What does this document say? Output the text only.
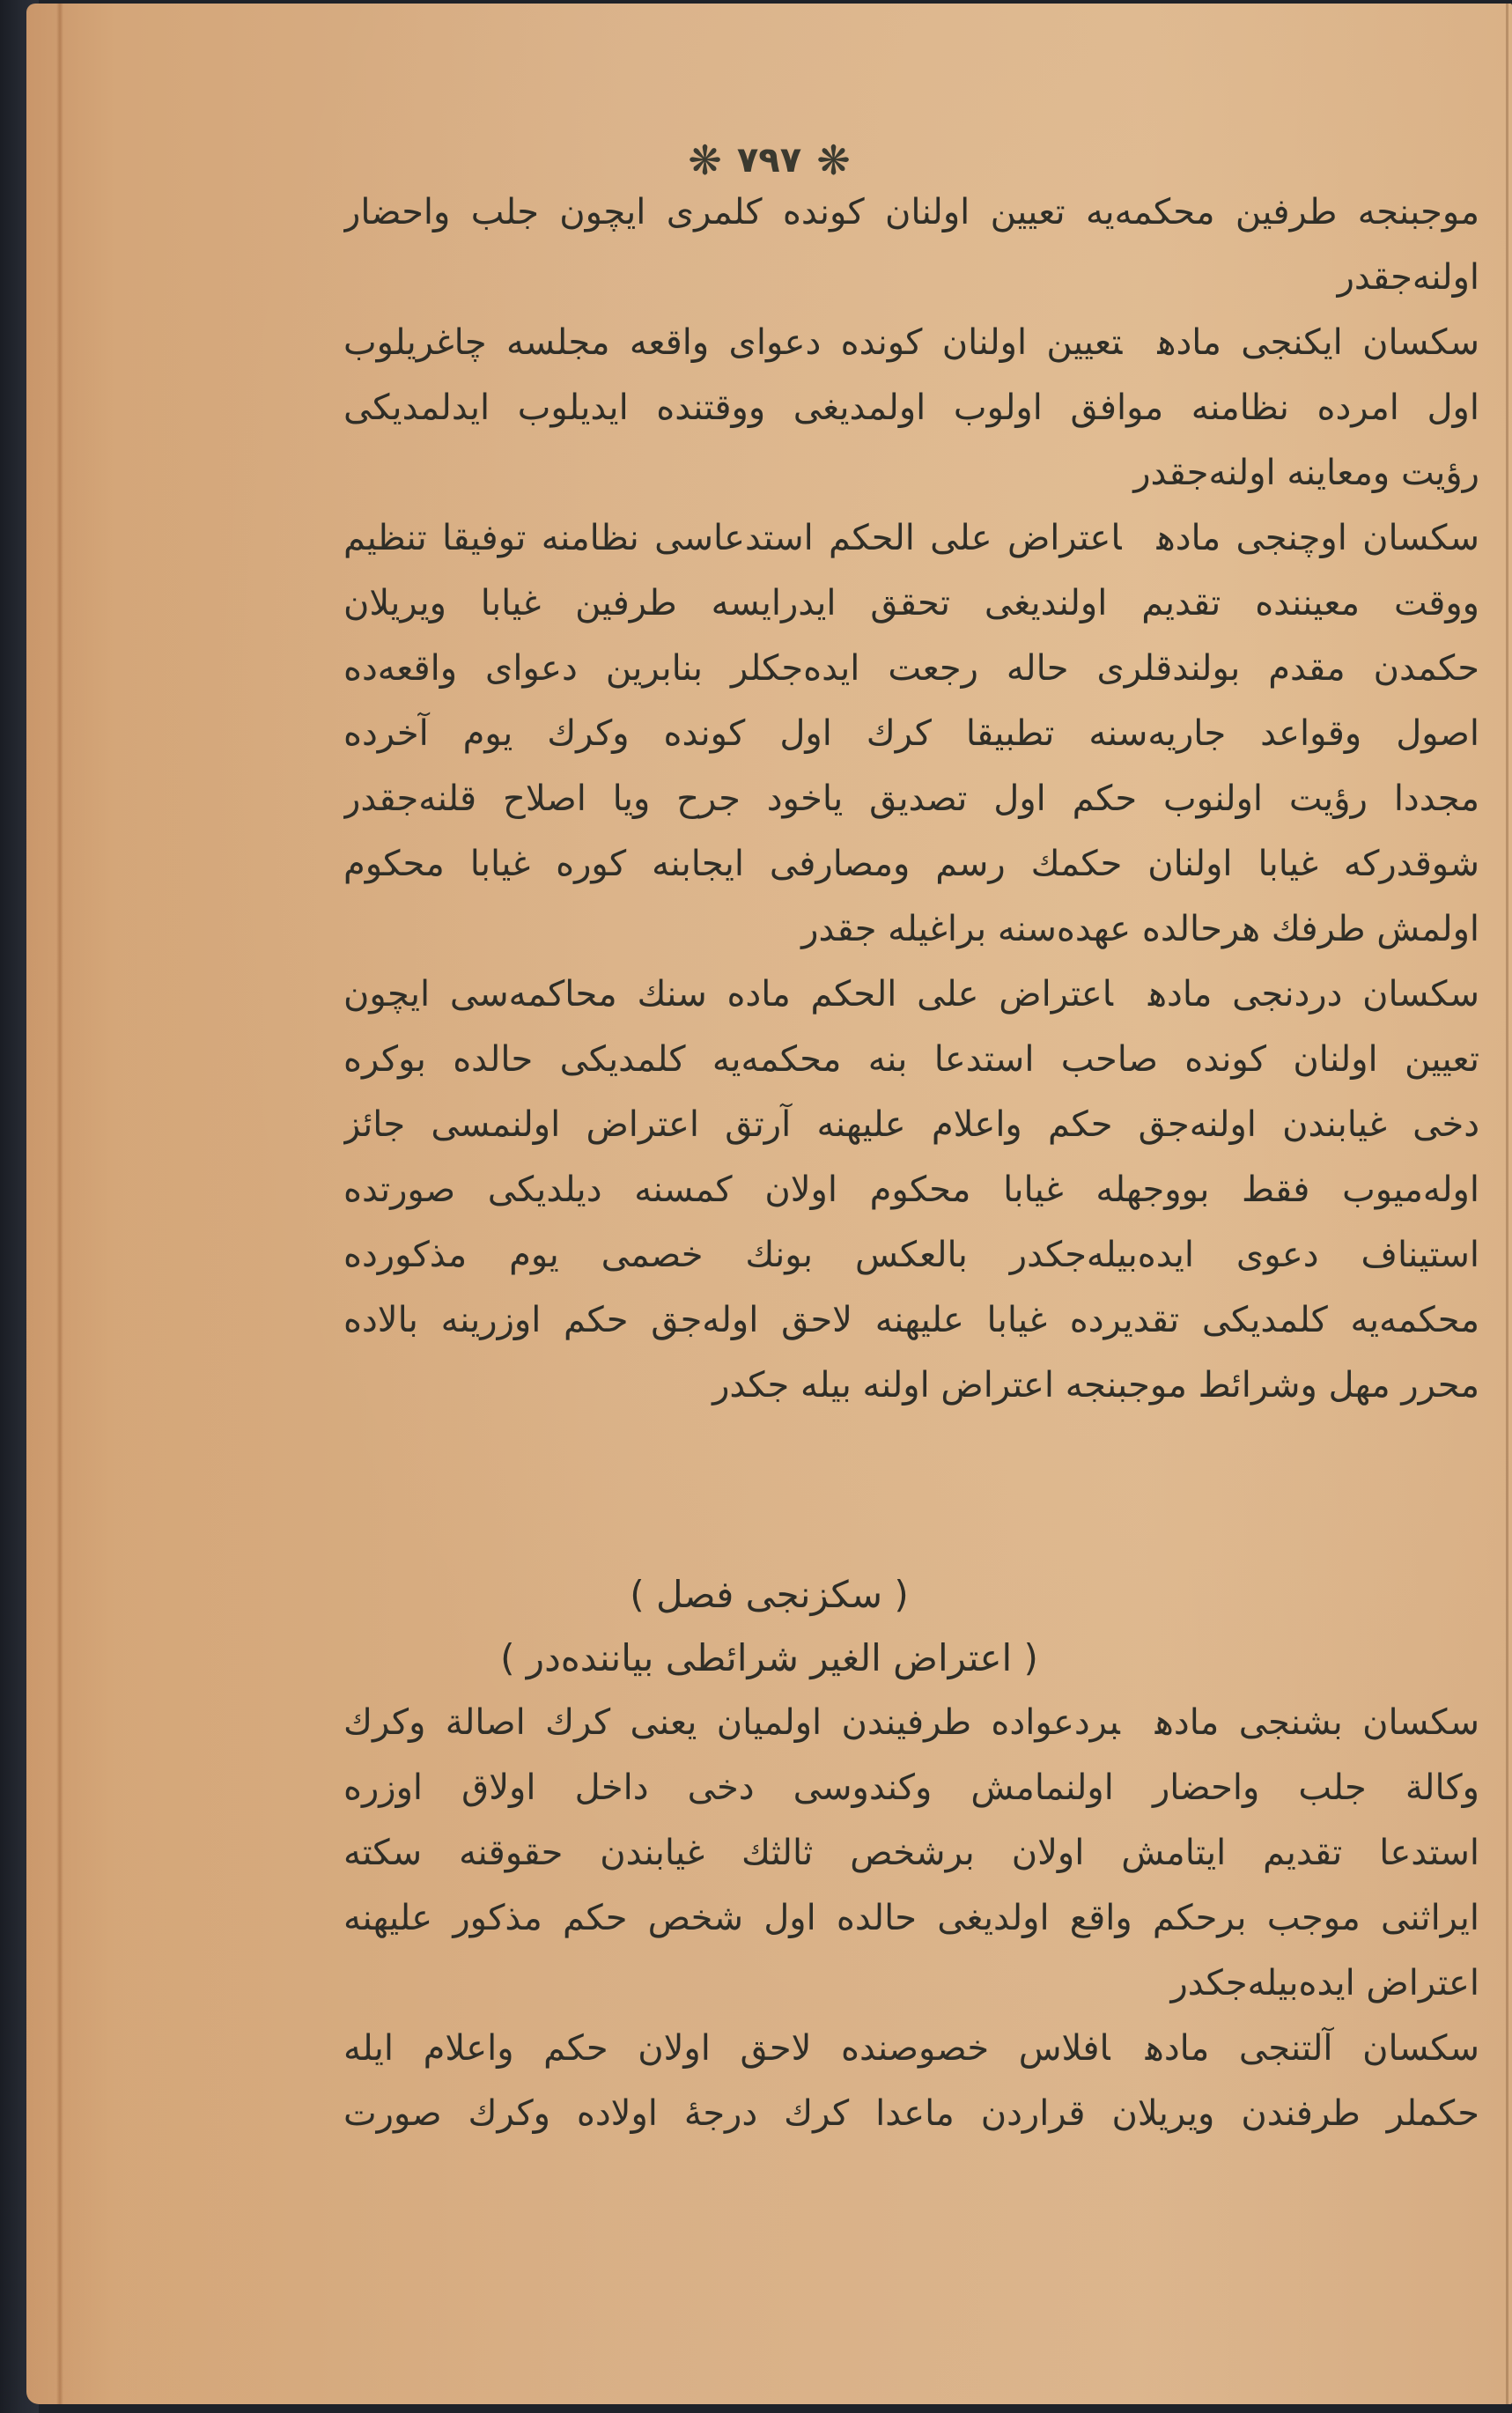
❋ ٧٩٧ ❋
موجبنجه طرفين محكمه‌يه تعيين اولنان كونده كلمرى ايچون جلب واحضار
اولنه‌جقدر
سكسان ايكنجى مادهتعيين اولنان كونده دعواى واقعه مجلسه چاغريلوب
اول امرده نظامنه موافق اولوب اولمديغى ووقتنده ايديلوب ايدلمديكى
رؤيت ومعاينه اولنه‌جقدر
سكسان اوچنجى مادهاعتراض على الحكم استدعاسى نظامنه توفيقا تنظيم
ووقت معيننده تقديم اولنديغى تحقق ايدرايسه طرفين غيابا ويريلان
حكمدن مقدم بولندقلرى حاله رجعت ايده‌جكلر بنابرين دعواى واقعه‌ده
اصول وقواعد جاريه‌سنه تطبيقا كرك اول كونده وكرك يوم آخرده
مجددا رؤيت اولنوب حكم اول تصديق ياخود جرح ويا اصلاح قلنه‌جقدر
شوقدركه غيابا اولنان حكمك رسم ومصارفى ايجابنه كوره غيابا محكوم
اولمش طرفك هرحالده عهده‌سنه براغيله جقدر
سكسان دردنجى مادهاعتراض على الحكم ماده سنك محاكمه‌سى ايچون
تعيين اولنان كونده صاحب استدعا بنه محكمه‌يه كلمديكى حالده بوكره
دخى غيابندن اولنه‌جق حكم واعلام عليهنه آرتق اعتراض اولنمسى جائز
اوله‌ميوب فقط بووجهله غيابا محكوم اولان كمسنه ديلديكى صورتده
استيناف دعوى ايده‌بيله‌جكدر بالعكس بونك خصمى يوم مذكورده
محكمه‌يه كلمديكى تقديرده غيابا عليهنه لاحق اوله‌جق حكم اوزرينه بالاده
محرر مهل وشرائط موجبنجه اعتراض اولنه بيله جكدر
( سكزنجى فصل )
( اعتراض الغير شرائطى بياننده‌در )
سكسان بشنجى مادهبردعواده طرفيندن اولميان يعنى كرك اصالة وكرك
وكالة جلب واحضار اولنمامش وكندوسى دخى داخل اولاق اوزره
استدعا تقديم ايتامش اولان برشخص ثالثك غيابندن حقوقنه سكته
ايراثنى موجب برحكم واقع اولديغى حالده اول شخص حكم مذكور عليهنه
اعتراض ايده‌بيله‌جكدر
سكسان آلتنجى مادهافلاس خصوصنده لاحق اولان حكم واعلام ايله
حكملر طرفندن ويريلان قراردن ماعدا كرك درجهٔ اولاده وكرك صورت
